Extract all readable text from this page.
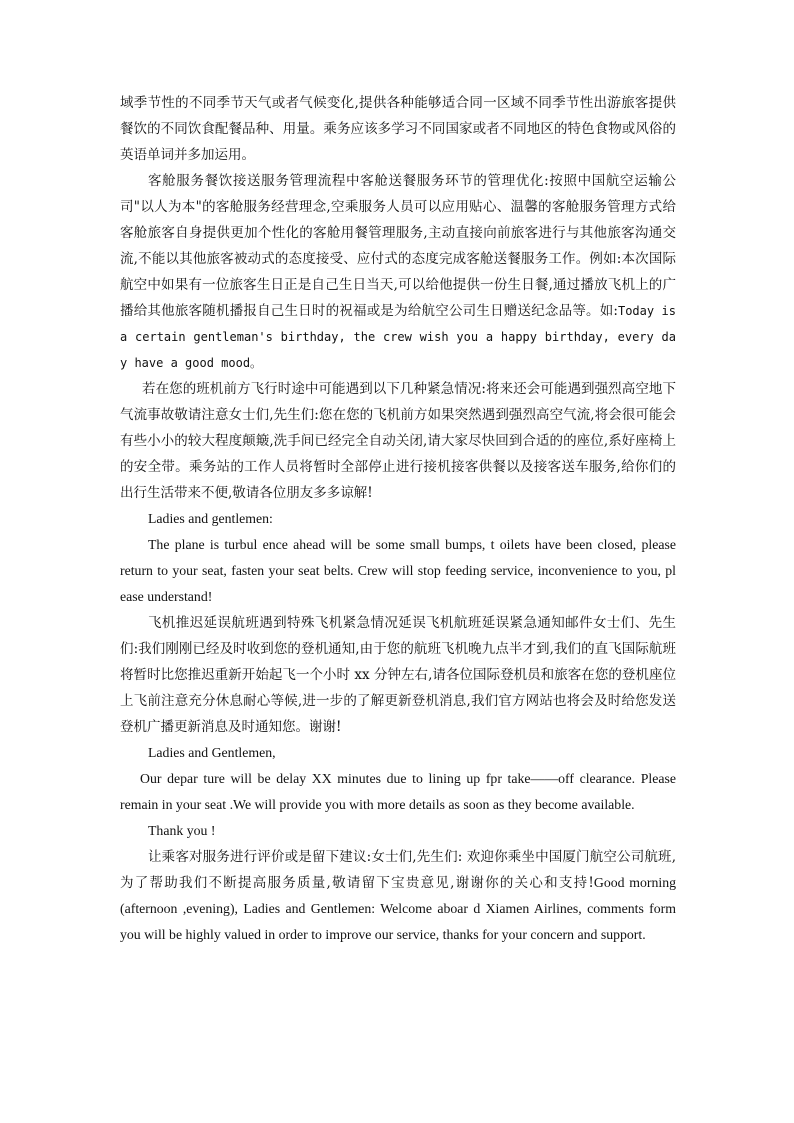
域季节性的不同季节天气或者气候变化,提供各种能够适合同一区域不同季节性出游旅客提供餐饮的不同饮食配餐品种、用量。乘务应该多学习不同国家或者不同地区的特色食物或风俗的英语单词并多加运用。

客舱服务餐饮接送服务管理流程中客舱送餐服务环节的管理优化:按照中国航空运输公司"以人为本"的客舱服务经营理念,空乘服务人员可以应用贴心、温馨的客舱服务管理方式给客舱旅客自身提供更加个性化的客舱用餐管理服务,主动直接向前旅客进行与其他旅客沟通交流,不能以其他旅客被动式的态度接受、应付式的态度完成客舱送餐服务工作。例如:本次国际航空中如果有一位旅客生日正是自己生日当天,可以给他提供一份生日餐,通过播放飞机上的广播给其他旅客随机播报自己生日时的祝福或是为给航空公司生日赠送纪念品等。如:Today is a certain gentleman's birthday, the crew wish you a happy birthday, every day have a good mood。

若在您的班机前方飞行时途中可能遇到以下几种紧急情况:将来还会可能遇到强烈高空地下气流事故敬请注意女士们,先生们:您在您的飞机前方如果突然遇到强烈高空气流,将会很可能会有些小小的较大程度颠簸,洗手间已经完全自动关闭,请大家尽快回到合适的的座位,系好座椅上的安全带。乘务站的工作人员将暂时全部停止进行接机接客供餐以及接客送车服务,给你们的出行生活带来不便,敬请各位朋友多多谅解!

Ladies and gentlemen:

The plane is turbul ence ahead will be some small bumps, t oilets have been closed, please return to your seat, fasten your seat belts. Crew will stop feeding service, inconvenience to you, pl ease understand!

飞机推迟延误航班遇到特殊飞机紧急情况延误飞机航班延误紧急通知邮件女士们、先生们:我们刚刚已经及时收到您的登机通知,由于您的航班飞机晚九点半才到,我们的直飞国际航班将暂时比您推迟重新开始起飞一个小时 xx 分钟左右,请各位国际登机员和旅客在您的登机座位上飞前注意充分休息耐心等候,进一步的了解更新登机消息,我们官方网站也将会及时给您发送登机广播更新消息及时通知您。谢谢!

Ladies and Gentlemen,

Our depar ture will be delay XX minutes due to lining up fpr take——off clearance. Please remain in your seat .We will provide you with more details as soon as they become available.

Thank you !

让乘客对服务进行评价或是留下建议:女士们,先生们: 欢迎你乘坐中国厦门航空公司航班,为了帮助我们不断提高服务质量,敬请留下宝贵意见,谢谢你的关心和支持!Good morning (afternoon ,evening), Ladies and Gentlemen: Welcome aboar d Xiamen Airlines, comments form you will be highly valued in order to improve our service, thanks for your concern and support.
